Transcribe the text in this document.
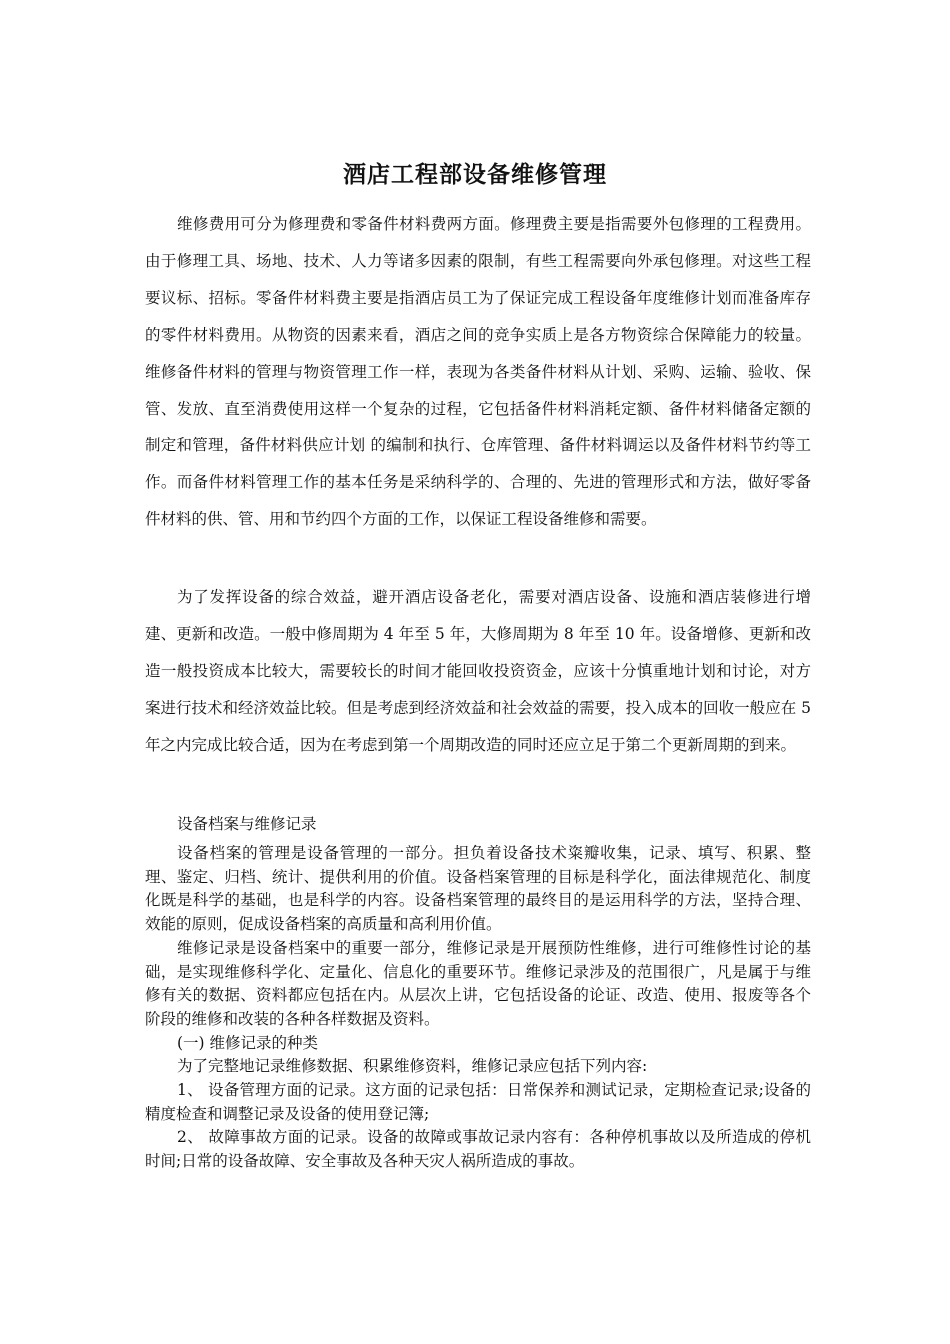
酒店工程部设备维修管理

维修费用可分为修理费和零备件材料费两方面。修理费主要是指需要外包修理的工程费用。由于修理工具、场地、技术、人力等诸多因素的限制，有些工程需要向外承包修理。对这些工程要议标、招标。零备件材料费主要是指酒店员工为了保证完成工程设备年度维修计划而准备库存的零件材料费用。从物资的因素来看，酒店之间的竞争实质上是各方物资综合保障能力的较量。维修备件材料的管理与物资管理工作一样，表现为各类备件材料从计划、采购、运输、验收、保管、发放、直至消费使用这样一个复杂的过程，它包括备件材料消耗定额、备件材料储备定额的制定和管理，备件材料供应计划 的编制和执行、仓库管理、备件材料调运以及备件材料节约等工作。而备件材料管理工作的基本任务是采纳科学的、合理的、先进的管理形式和方法，做好零备件材料的供、管、用和节约四个方面的工作，以保证工程设备维修和需要。

为了发挥设备的综合效益，避开酒店设备老化，需要对酒店设备、设施和酒店装修进行增建、更新和改造。一般中修周期为 4 年至 5 年，大修周期为 8 年至 10 年。设备增修、更新和改造一般投资成本比较大，需要较长的时间才能回收投资资金，应该十分慎重地计划和讨论，对方案进行技术和经济效益比较。但是考虑到经济效益和社会效益的需要，投入成本的回收一般应在 5 年之内完成比较合适，因为在考虑到第一个周期改造的同时还应立足于第二个更新周期的到来。

设备档案与维修记录

设备档案的管理是设备管理的一部分。担负着设备技术粢瓣收集，记录、填写、积累、整理、鉴定、归档、统计、提供利用的价值。设备档案管理的目标是科学化，面法律规范化、制度化既是科学的基础，也是科学的内容。设备档案管理的最终目的是运用科学的方法，坚持合理、效能的原则，促成设备档案的高质量和高利用价值。

维修记录是设备档案中的重要一部分，维修记录是开展预防性维修，进行可维修性讨论的基础，是实现维修科学化、定量化、信息化的重要环节。维修记录涉及的范围很广，凡是属于与维修有关的数据、资料都应包括在内。从层次上讲，它包括设备的论证、改造、使用、报废等各个阶段的维修和改装的各种各样数据及资料。

(一) 维修记录的种类

为了完整地记录维修数据、积累维修资料，维修记录应包括下列内容:

1、 设备管理方面的记录。这方面的记录包括：日常保养和测试记录，定期检查记录;设备的精度检查和调整记录及设备的使用登记簿;

2、 故障事故方面的记录。设备的故障或事故记录内容有：各种停机事故以及所造成的停机时间;日常的设备故障、安全事故及各种天灾人祸所造成的事故。
